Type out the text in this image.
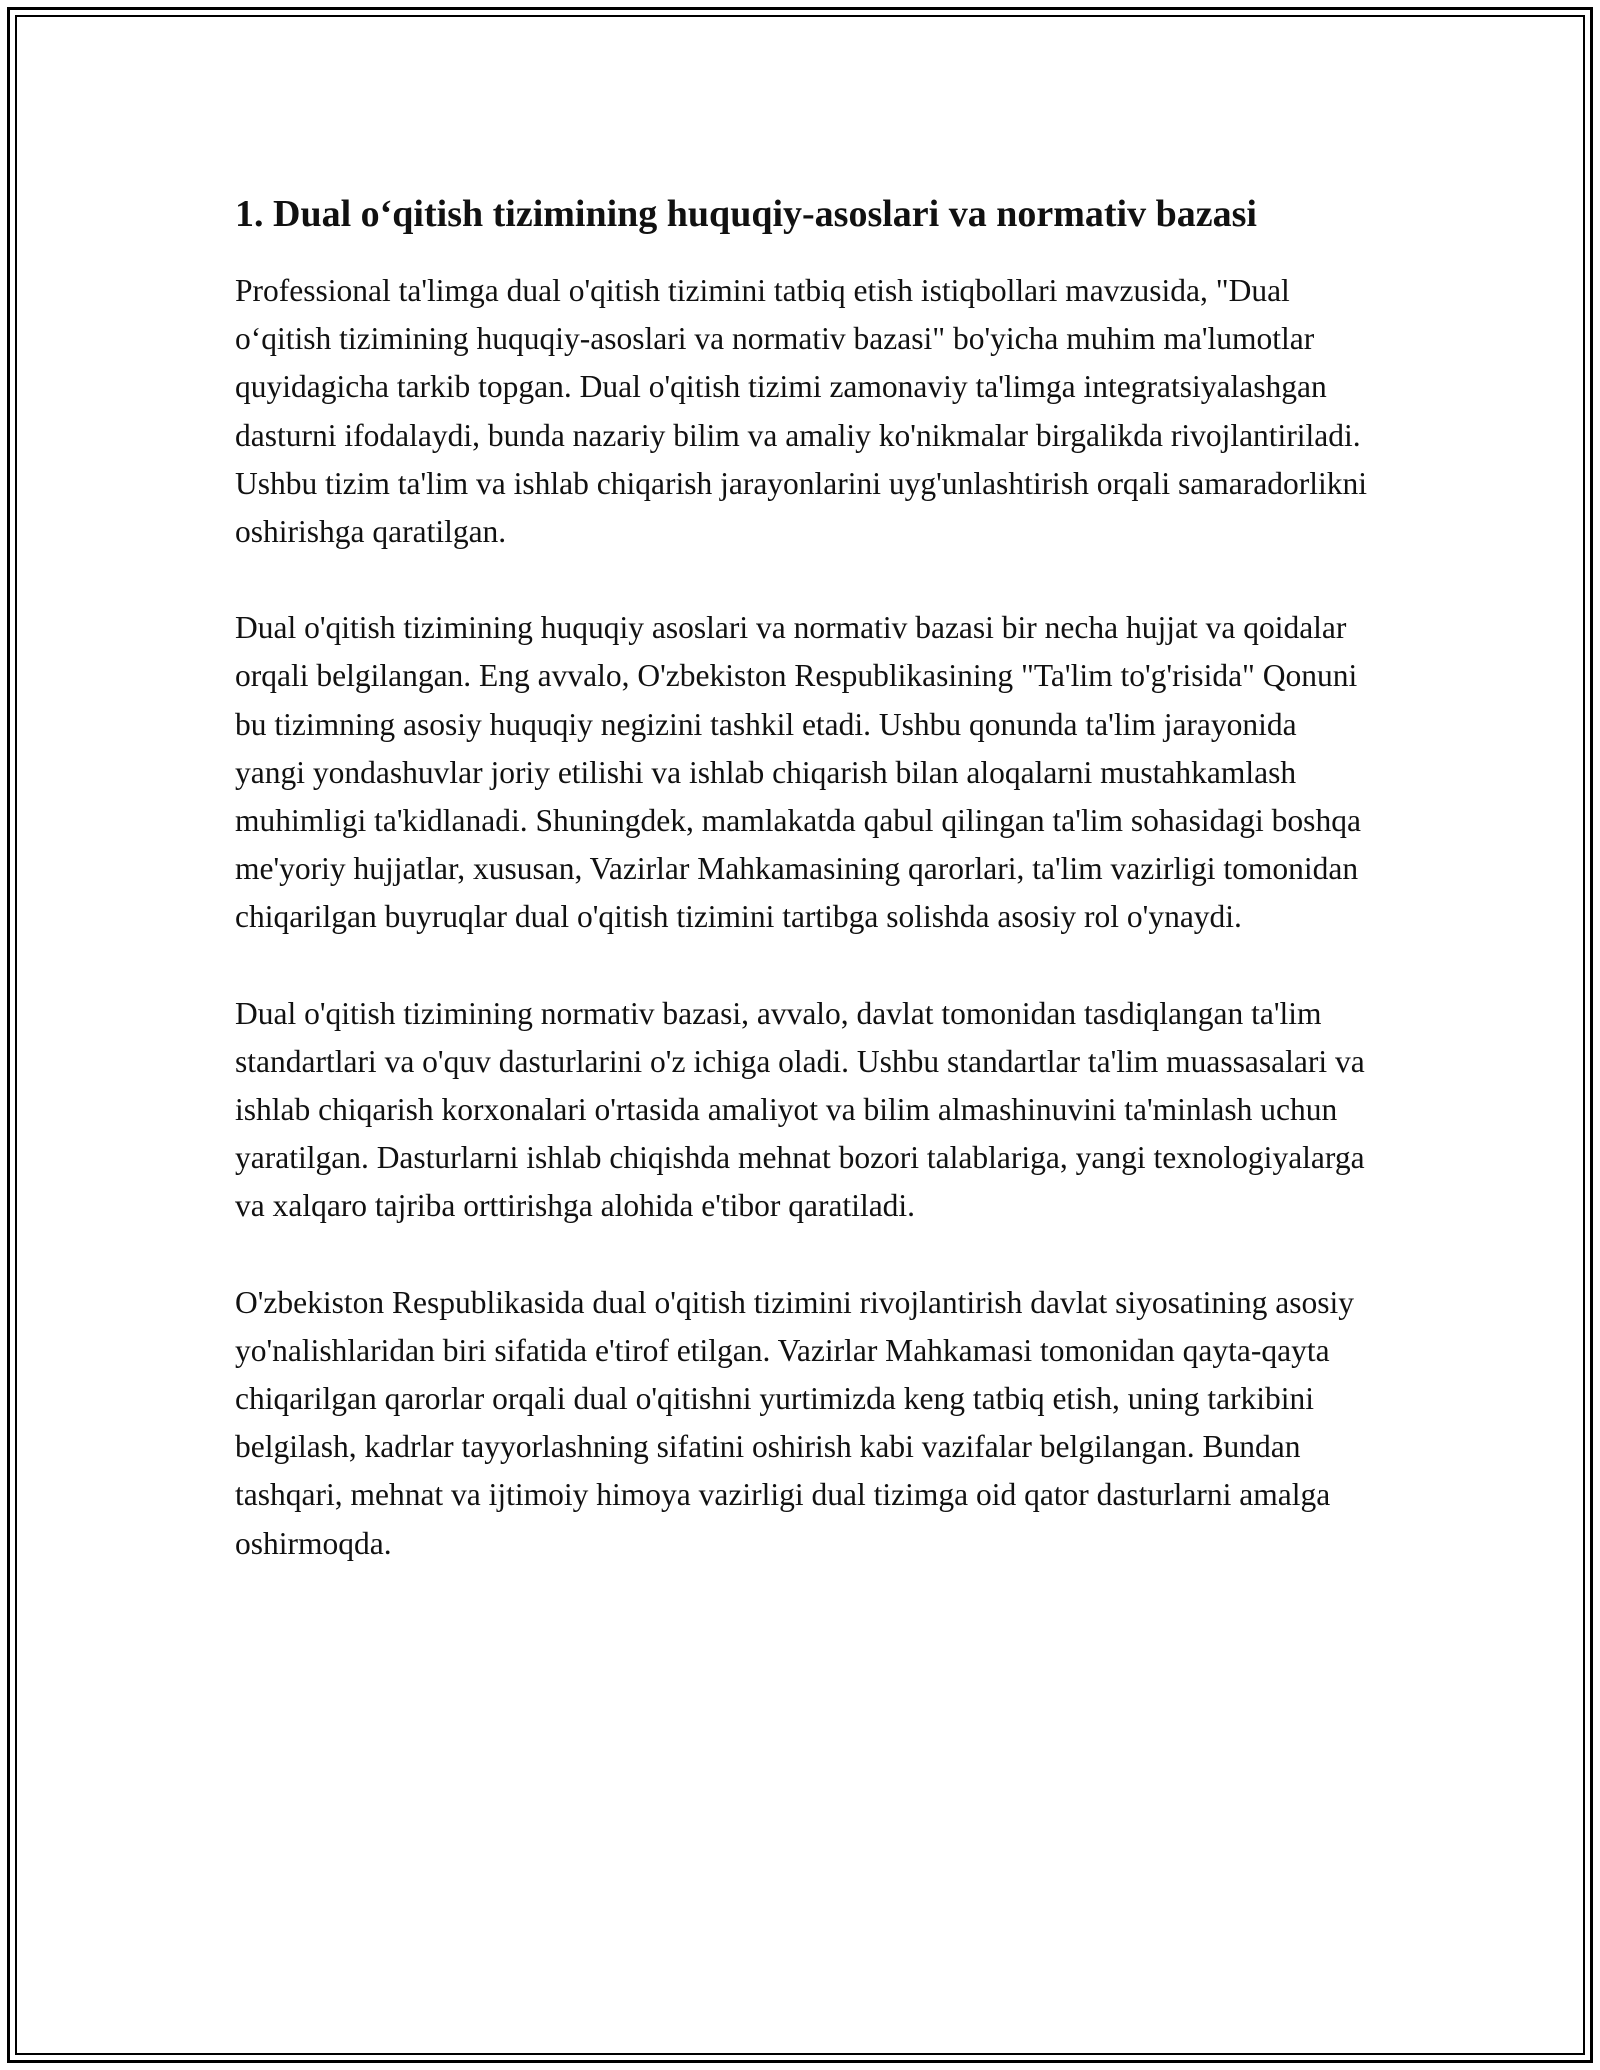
1. Dual o‘qitish tizimining huquqiy-asoslari va normativ bazasi

Professional ta'limga dual o'qitish tizimini tatbiq etish istiqbollari mavzusida, "Dual o‘qitish tizimining huquqiy-asoslari va normativ bazasi" bo'yicha muhim ma'lumotlar quyidagicha tarkib topgan. Dual o'qitish tizimi zamonaviy ta'limga integratsiyalashgan dasturni ifodalaydi, bunda nazariy bilim va amaliy ko'nikmalar birgalikda rivojlantiriladi. Ushbu tizim ta'lim va ishlab chiqarish jarayonlarini uyg'unlashtirish orqali samaradorlikni oshirishga qaratilgan.

Dual o'qitish tizimining huquqiy asoslari va normativ bazasi bir necha hujjat va qoidalar orqali belgilangan. Eng avvalo, O'zbekiston Respublikasining "Ta'lim to'g'risida" Qonuni bu tizimning asosiy huquqiy negizini tashkil etadi. Ushbu qonunda ta'lim jarayonida yangi yondashuvlar joriy etilishi va ishlab chiqarish bilan aloqalarni mustahkamlash muhimligi ta'kidlanadi. Shuningdek, mamlakatda qabul qilingan ta'lim sohasidagi boshqa me'yoriy hujjatlar, xususan, Vazirlar Mahkamasining qarorlari, ta'lim vazirligi tomonidan chiqarilgan buyruqlar dual o'qitish tizimini tartibga solishda asosiy rol o'ynaydi.

Dual o'qitish tizimining normativ bazasi, avvalo, davlat tomonidan tasdiqlangan ta'lim standartlari va o'quv dasturlarini o'z ichiga oladi. Ushbu standartlar ta'lim muassasalari va ishlab chiqarish korxonalari o'rtasida amaliyot va bilim almashinuvini ta'minlash uchun yaratilgan. Dasturlarni ishlab chiqishda mehnat bozori talablariga, yangi texnologiyalarga va xalqaro tajriba orttirishga alohida e'tibor qaratiladi.

O'zbekiston Respublikasida dual o'qitish tizimini rivojlantirish davlat siyosatining asosiy yo'nalishlaridan biri sifatida e'tirof etilgan. Vazirlar Mahkamasi tomonidan qayta-qayta chiqarilgan qarorlar orqali dual o'qitishni yurtimizda keng tatbiq etish, uning tarkibini belgilash, kadrlar tayyorlashning sifatini oshirish kabi vazifalar belgilangan. Bundan tashqari, mehnat va ijtimoiy himoya vazirligi dual tizimga oid qator dasturlarni amalga oshirmoqda.
